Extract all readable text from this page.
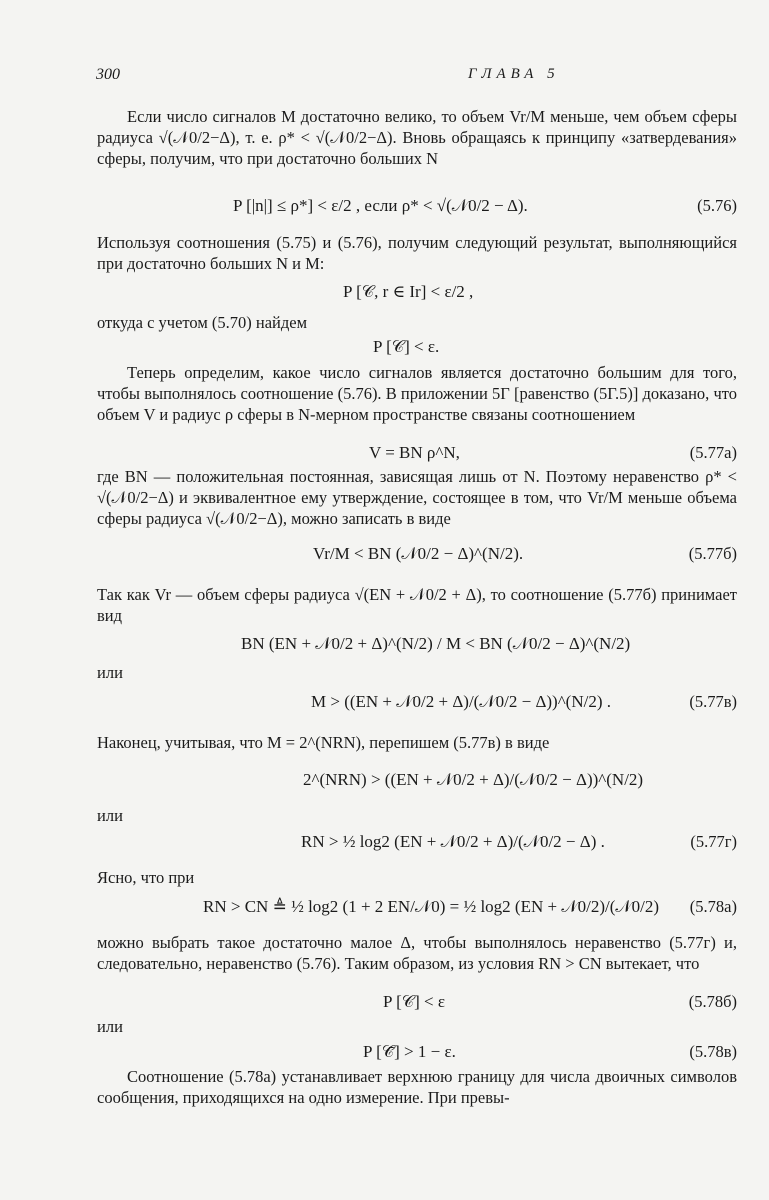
300	ГЛАВА 5
Если число сигналов M достаточно велико, то объем Vr/M меньше, чем объем сферы радиуса √(𝒩0/2−Δ), т. е. ρ* < √(𝒩0/2−Δ). Вновь обращаясь к принципу «затвердевания» сферы, получим, что при достаточно больших N
P [|n|] ≤ ρ*] < ε/2 , если ρ* < √(𝒩0/2 − Δ).	(5.76)
Используя соотношения (5.75) и (5.76), получим следующий результат, выполняющийся при достаточно больших N и M:
P [𝒞, r ∈ Ir] < ε/2 ,
откуда с учетом (5.70) найдем
P [𝒞] < ε.
Теперь определим, какое число сигналов является достаточно большим для того, чтобы выполнялось соотношение (5.76). В приложении 5Г [равенство (5Г.5)] доказано, что объем V и радиус ρ сферы в N-мерном пространстве связаны соотношением
V = BN ρ^N,	(5.77а)
где BN — положительная постоянная, зависящая лишь от N. Поэтому неравенство ρ* < √(𝒩0/2−Δ) и эквивалентное ему утверждение, состоящее в том, что Vr/M меньше объема сферы радиуса √(𝒩0/2−Δ), можно записать в виде
Vr/M < BN (𝒩0/2 − Δ)^(N/2).	(5.77б)
Так как Vr — объем сферы радиуса √(EN + 𝒩0/2 + Δ), то соотношение (5.77б) принимает вид
BN (EN + 𝒩0/2 + Δ)^(N/2) / M < BN (𝒩0/2 − Δ)^(N/2)
или
M > ((EN + 𝒩0/2 + Δ)/(𝒩0/2 − Δ))^(N/2) .	(5.77в)
Наконец, учитывая, что M = 2^(NRN), перепишем (5.77в) в виде
2^(NRN) > ((EN + 𝒩0/2 + Δ)/(𝒩0/2 − Δ))^(N/2)
или
RN > ½ log2 (EN + 𝒩0/2 + Δ)/(𝒩0/2 − Δ) .	(5.77г)
Ясно, что при
RN > CN ≜ ½ log2 (1 + 2 EN/𝒩0) = ½ log2 (EN + 𝒩0/2)/(𝒩0/2) (5.78а)
можно выбрать такое достаточно малое Δ, чтобы выполнялось неравенство (5.77г) и, следовательно, неравенство (5.76). Таким образом, из условия RN > CN вытекает, что
P [𝒞] < ε	(5.78б)
или
P [𝒞̄] > 1 − ε.	(5.78в)
Соотношение (5.78а) устанавливает верхнюю границу для числа двоичных символов сообщения, приходящихся на одно измерение. При превы-
